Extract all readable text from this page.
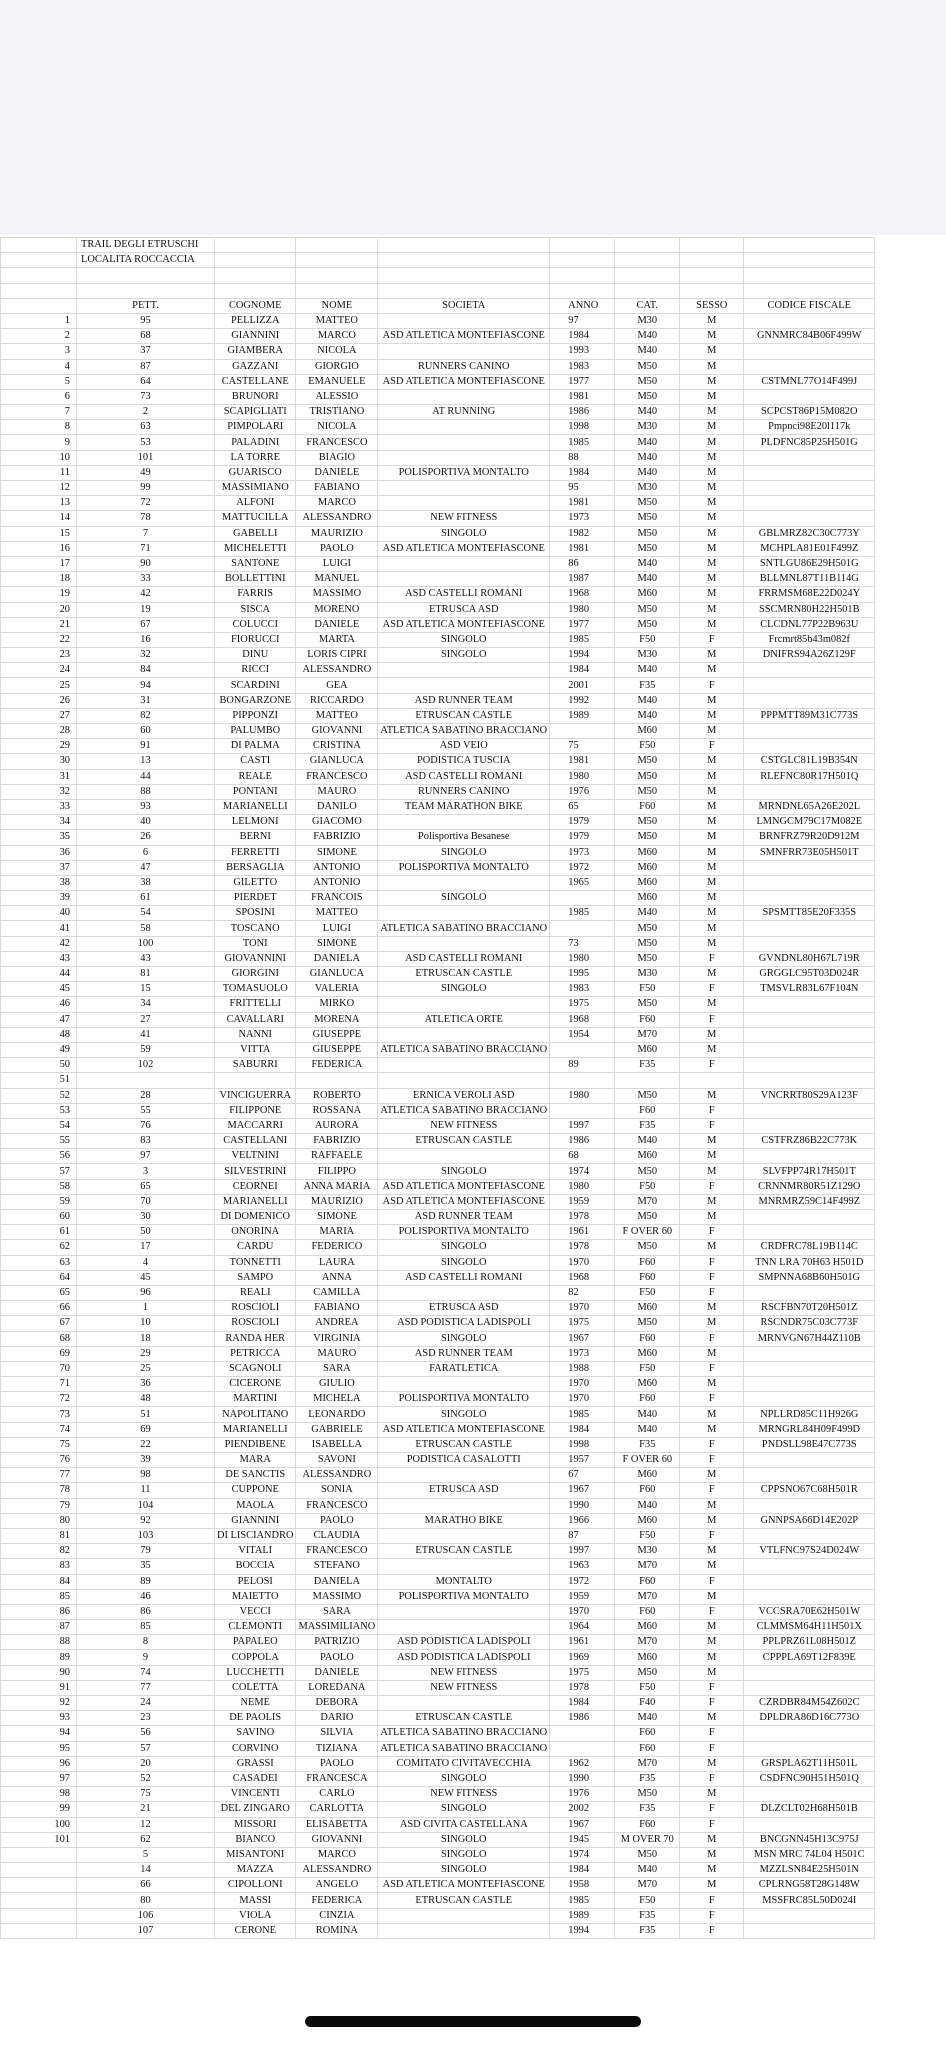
	TRAIL DEGLI ETRUSCHI							
	LOCALITA ROCCACCIA							

	PETT.	COGNOME	NOME	SOCIETA	ANNO	CAT.	SESSO	CODICE FISCALE
1	95	PELLIZZA	MATTEO		97	M30	M	
2	68	GIANNINI	MARCO	ASD ATLETICA MONTEFIASCONE	1984	M40	M	GNNMRC84B06F499W
3	37	GIAMBERA	NICOLA		1993	M40	M	
4	87	GAZZANI	GIORGIO	RUNNERS CANINO	1983	M50	M	
5	64	CASTELLANE	EMANUELE	ASD ATLETICA MONTEFIASCONE	1977	M50	M	CSTMNL77O14F499J
6	73	BRUNORI	ALESSIO		1981	M50	M	
7	2	SCAPIGLIATI	TRISTIANO	AT RUNNING	1986	M40	M	SCPCST86P15M082O
8	63	PIMPOLARI	NICOLA		1998	M30	M	Pmpnci98E20l117k
9	53	PALADINI	FRANCESCO		1985	M40	M	PLDFNC85P25H501G
10	101	LA TORRE	BIAGIO		88	M40	M	
11	49	GUARISCO	DANIELE	POLISPORTIVA MONTALTO	1984	M40	M	
12	99	MASSIMIANO	FABIANO		95	M30	M	
13	72	ALFONI	MARCO		1981	M50	M	
14	78	MATTUCILLA	ALESSANDRO	NEW FITNESS	1973	M50	M	
15	7	GABELLI	MAURIZIO	SINGOLO	1982	M50	M	GBLMRZ82C30C773Y
16	71	MICHELETTI	PAOLO	ASD ATLETICA MONTEFIASCONE	1981	M50	M	MCHPLA81E01F499Z
17	90	SANTONE	LUIGI		86	M40	M	SNTLGU86E29H501G
18	33	BOLLETTINI	MANUEL		1987	M40	M	BLLMNL87T11B114G
19	42	FARRIS	MASSIMO	ASD CASTELLI ROMANI	1968	M60	M	FRRMSM68E22D024Y
20	19	SISCA	MORENO	ETRUSCA ASD	1980	M50	M	SSCMRN80H22H501B
21	67	COLUCCI	DANIELE	ASD ATLETICA MONTEFIASCONE	1977	M50	M	CLCDNL77P22B963U
22	16	FIORUCCI	MARTA	SINGOLO	1985	F50	F	Frcmrt85b43m082f
23	32	DINU	LORIS CIPRI	SINGOLO	1994	M30	M	DNIFRS94A26Z129F
24	84	RICCI	ALESSANDRO		1984	M40	M	
25	94	SCARDINI	GEA		2001	F35	F	
26	31	BONGARZONE	RICCARDO	ASD RUNNER TEAM	1992	M40	M	
27	82	PIPPONZI	MATTEO	ETRUSCAN CASTLE	1989	M40	M	PPPMTT89M31C773S
28	60	PALUMBO	GIOVANNI	ATLETICA SABATINO BRACCIANO		M60	M	
29	91	DI PALMA	CRISTINA	ASD VEIO	75	F50	F	
30	13	CASTI	GIANLUCA	PODISTICA TUSCIA	1981	M50	M	CSTGLC81L19B354N
31	44	REALE	FRANCESCO	ASD CASTELLI ROMANI	1980	M50	M	RLEFNC80R17H501Q
32	88	PONTANI	MAURO	RUNNERS CANINO	1976	M50	M	
33	93	MARIANELLI	DANILO	TEAM MARATHON BIKE	65	F60	M	MRNDNL65A26E202L
34	40	LELMONI	GIACOMO		1979	M50	M	LMNGCM79C17M082E
35	26	BERNI	FABRIZIO	Polisportiva Besanese	1979	M50	M	BRNFRZ79R20D912M
36	6	FERRETTI	SIMONE	SINGOLO	1973	M60	M	SMNFRR73E05H501T
37	47	BERSAGLIA	ANTONIO	POLISPORTIVA MONTALTO	1972	M60	M	
38	38	GILETTO	ANTONIO		1965	M60	M	
39	61	PIERDET	FRANCOIS	SINGOLO		M60	M	
40	54	SPOSINI	MATTEO		1985	M40	M	SPSMTT85E20F335S
41	58	TOSCANO	LUIGI	ATLETICA SABATINO BRACCIANO		M50	M	
42	100	TONI	SIMONE		73	M50	M	
43	43	GIOVANNINI	DANIELA	ASD CASTELLI ROMANI	1980	M50	F	GVNDNL80H67L719R
44	81	GIORGINI	GIANLUCA	ETRUSCAN CASTLE	1995	M30	M	GRGGLC95T03D024R
45	15	TOMASUOLO	VALERIA	SINGOLO	1983	F50	F	TMSVLR83L67F104N
46	34	FRITTELLI	MIRKO		1975	M50	M	
47	27	CAVALLARI	MORENA	ATLETICA ORTE	1968	F60	F	
48	41	NANNI	GIUSEPPE		1954	M70	M	
49	59	VITTA	GIUSEPPE	ATLETICA SABATINO BRACCIANO		M60	M	
50	102	SABURRI	FEDERICA		89	F35	F	
51								
52	28	VINCIGUERRA	ROBERTO	ERNICA VEROLI ASD	1980	M50	M	VNCRRT80S29A123F
53	55	FILIPPONE	ROSSANA	ATLETICA SABATINO BRACCIANO		F60	F	
54	76	MACCARRI	AURORA	NEW FITNESS	1997	F35	F	
55	83	CASTELLANI	FABRIZIO	ETRUSCAN CASTLE	1986	M40	M	CSTFRZ86B22C773K
56	97	VELTNINI	RAFFAELE		68	M60	M	
57	3	SILVESTRINI	FILIPPO	SINGOLO	1974	M50	M	SLVFPP74R17H501T
58	65	CEORNEI	ANNA MARIA	ASD ATLETICA MONTEFIASCONE	1980	F50	F	CRNNMR80R51Z129O
59	70	MARIANELLI	MAURIZIO	ASD ATLETICA MONTEFIASCONE	1959	M70	M	MNRMRZ59C14F499Z
60	30	DI DOMENICO	SIMONE	ASD RUNNER TEAM	1978	M50	M	
61	50	ONORINA	MARIA	POLISPORTIVA MONTALTO	1961	F OVER 60	F	
62	17	CARDU	FEDERICO	SINGOLO	1978	M50	M	CRDFRC78L19B114C
63	4	TONNETTI	LAURA	SINGOLO	1970	F60	F	TNN LRA 70H63 H501D
64	45	SAMPO	ANNA	ASD CASTELLI ROMANI	1968	F60	F	SMPNNA68B60H501G
65	96	REALI	CAMILLA		82	F50	F	
66	1	ROSCIOLI	FABIANO	ETRUSCA ASD	1970	M60	M	RSCFBN70T20H501Z
67	10	ROSCIOLI	ANDREA	ASD PODISTICA LADISPOLI	1975	M50	M	RSCNDR75C03C773F
68	18	RANDA HER	VIRGINIA	SINGOLO	1967	F60	F	MRNVGN67H44Z110B
69	29	PETRICCA	MAURO	ASD RUNNER TEAM	1973	M60	M	
70	25	SCAGNOLI	SARA	FARATLETICA	1988	F50	F	
71	36	CICERONE	GIULIO		1970	M60	M	
72	48	MARTINI	MICHELA	POLISPORTIVA MONTALTO	1970	F60	F	
73	51	NAPOLITANO	LEONARDO	SINGOLO	1985	M40	M	NPLLRD85C11H926G
74	69	MARIANELLI	GABRIELE	ASD ATLETICA MONTEFIASCONE	1984	M40	M	MRNGRL84H09F499D
75	22	PIENDIBENE	ISABELLA	ETRUSCAN CASTLE	1998	F35	F	PNDSLL98E47C773S
76	39	MARA	SAVONI	PODISTICA CASALOTTI	1957	F OVER 60	F	
77	98	DE SANCTIS	ALESSANDRO		67	M60	M	
78	11	CUPPONE	SONIA	ETRUSCA ASD	1967	F60	F	CPPSNO67C68H501R
79	104	MAOLA	FRANCESCO		1990	M40	M	
80	92	GIANNINI	PAOLO	MARATHO BIKE	1966	M60	M	GNNPSA66D14E202P
81	103	DI LISCIANDRO	CLAUDIA		87	F50	F	
82	79	VITALI	FRANCESCO	ETRUSCAN CASTLE	1997	M30	M	VTLFNC97S24D024W
83	35	BOCCIA	STEFANO		1963	M70	M	
84	89	PELOSI	DANIELA	MONTALTO	1972	F60	F	
85	46	MAIETTO	MASSIMO	POLISPORTIVA MONTALTO	1959	M70	M	
86	86	VECCI	SARA		1970	F60	F	VCCSRA70E62H501W
87	85	CLEMONTI	MASSIMILIANO		1964	M60	M	CLMMSM64H11H501X
88	8	PAPALEO	PATRIZIO	ASD PODISTICA LADISPOLI	1961	M70	M	PPLPRZ61L08H501Z
89	9	COPPOLA	PAOLO	ASD PODISTICA LADISPOLI	1969	M60	M	CPPPLA69T12F839E
90	74	LUCCHETTI	DANIELE	NEW FITNESS	1975	M50	M	
91	77	COLETTA	LOREDANA	NEW FITNESS	1978	F50	F	
92	24	NEME	DEBORA		1984	F40	F	CZRDBR84M54Z602C
93	23	DE PAOLIS	DARIO	ETRUSCAN CASTLE	1986	M40	M	DPLDRA86D16C773O
94	56	SAVINO	SILVIA	ATLETICA SABATINO BRACCIANO		F60	F	
95	57	CORVINO	TIZIANA	ATLETICA SABATINO BRACCIANO		F60	F	
96	20	GRASSI	PAOLO	COMITATO CIVITAVECCHIA	1962	M70	M	GRSPLA62T11H501L
97	52	CASADEI	FRANCESCA	SINGOLO	1990	F35	F	CSDFNC90H51H501Q
98	75	VINCENTI	CARLO	NEW FITNESS	1976	M50	M	
99	21	DEL ZINGARO	CARLOTTA	SINGOLO	2002	F35	F	DLZCLT02H68H501B
100	12	MISSORI	ELISABETTA	ASD CIVITA CASTELLANA	1967	F60	F	
101	62	BIANCO	GIOVANNI	SINGOLO	1945	M OVER 70	M	BNCGNN45H13C975J
	5	MISANTONI	MARCO	SINGOLO	1974	M50	M	MSN MRC 74L04 H501C
	14	MAZZA	ALESSANDRO	SINGOLO	1984	M40	M	MZZLSN84E25H501N
	66	CIPOLLONI	ANGELO	ASD ATLETICA MONTEFIASCONE	1958	M70	M	CPLRNG58T28G148W
	80	MASSI	FEDERICA	ETRUSCAN CASTLE	1985	F50	F	MSSFRC85L50D024I
	106	VIOLA	CINZIA		1989	F35	F	
	107	CERONE	ROMINA		1994	F35	F	
